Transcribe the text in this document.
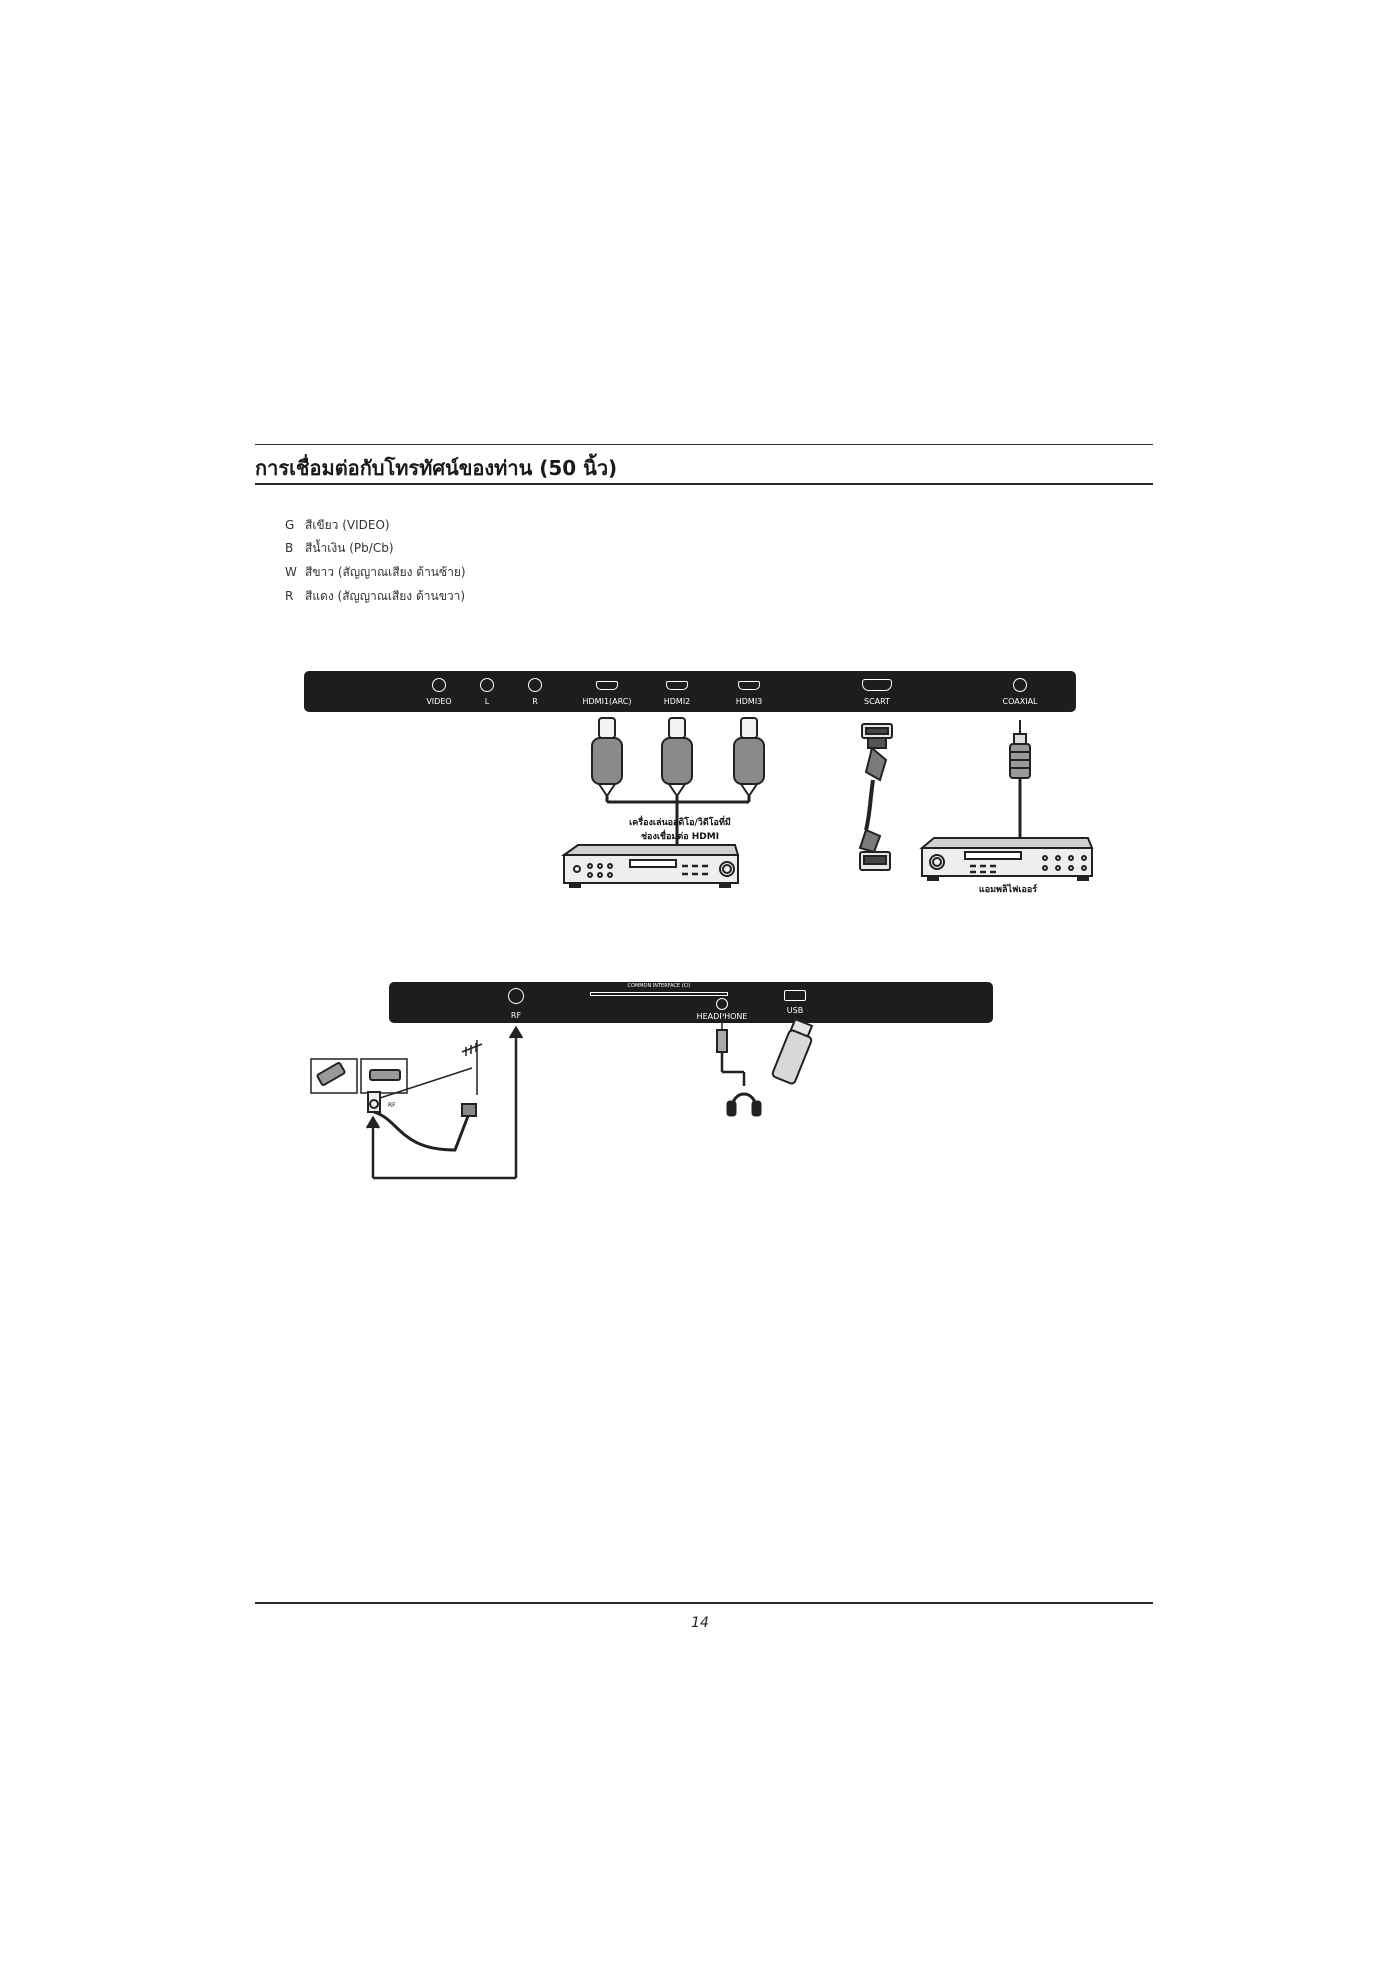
การเชื่อมต่อกับโทรทัศน์ของท่าน (50 นิ้ว)
G สีเขียว (VIDEO)
B สีน้ำเงิน (Pb/Cb)
W สีขาว (สัญญาณเสียง ด้านซ้าย)
R สีแดง (สัญญาณเสียง ด้านขวา)
VIDEO	L	R	HDMI1(ARC)	HDMI2	HDMI3	SCART	COAXIAL
RF
COMMON INTERFACE (CI)
HEADPHONE
USB
เครื่องเล่นออดิโอ/วิดีโอที่มี
ช่องเชื่อมต่อ HDMI
แอมพลิไฟเออร์
RF
14
